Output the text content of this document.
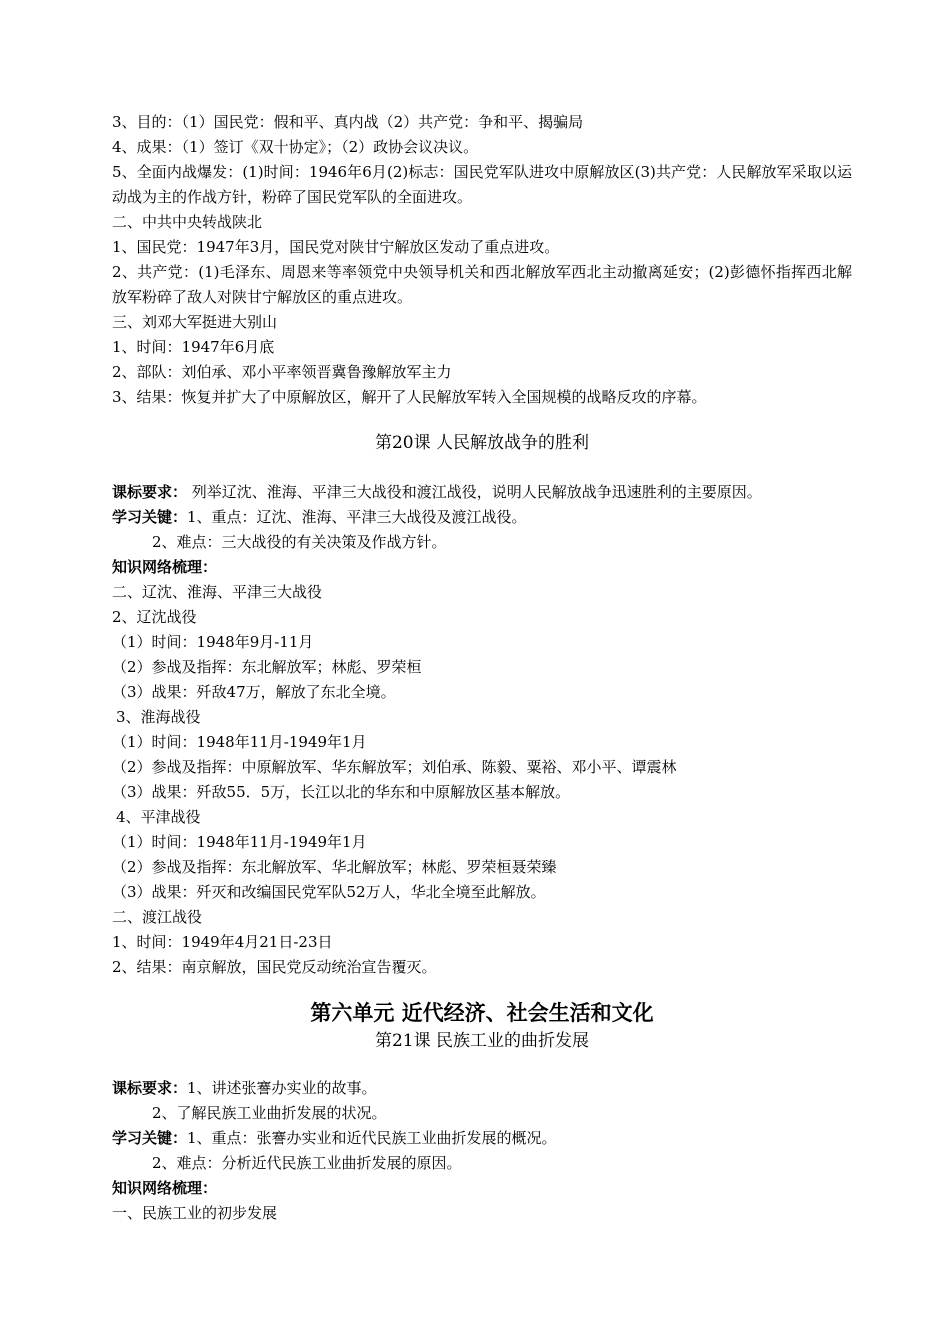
3、目的：（1）国民党：假和平、真内战（2）共产党：争和平、揭骗局
4、成果：（1）签订《双十协定》；（2）政协会议决议。
5、全面内战爆发：(1)时间：1946年6月(2)标志：国民党军队进攻中原解放区(3)共产党：人民解放军采取以运动战为主的作战方针，粉碎了国民党军队的全面进攻。
二、中共中央转战陕北
1、国民党：1947年3月，国民党对陕甘宁解放区发动了重点进攻。
2、共产党：(1)毛泽东、周恩来等率领党中央领导机关和西北解放军西北主动撤离延安；(2)彭德怀指挥西北解放军粉碎了敌人对陕甘宁解放区的重点进攻。
三、刘邓大军挺进大别山
1、时间：1947年6月底
2、部队：刘伯承、邓小平率领晋冀鲁豫解放军主力
3、结果：恢复并扩大了中原解放区，解开了人民解放军转入全国规模的战略反攻的序幕。
第20课 人民解放战争的胜利
课标要求： 列举辽沈、淮海、平津三大战役和渡江战役，说明人民解放战争迅速胜利的主要原因。
学习关键：1、重点：辽沈、淮海、平津三大战役及渡江战役。
2、难点：三大战役的有关决策及作战方针。
知识网络梳理：
二、辽沈、淮海、平津三大战役
2、辽沈战役
（1）时间：1948年9月-11月
（2）参战及指挥：东北解放军；林彪、罗荣桓
（3）战果：歼敌47万，解放了东北全境。
3、淮海战役
（1）时间：1948年11月-1949年1月
（2）参战及指挥：中原解放军、华东解放军；刘伯承、陈毅、粟裕、邓小平、谭震林
（3）战果：歼敌55．5万，长江以北的华东和中原解放区基本解放。
4、平津战役
（1）时间：1948年11月-1949年1月
（2）参战及指挥：东北解放军、华北解放军；林彪、罗荣桓聂荣臻
（3）战果：歼灭和改编国民党军队52万人，华北全境至此解放。
二、渡江战役
1、时间：1949年4月21日-23日
2、结果：南京解放，国民党反动统治宣告覆灭。
第六单元 近代经济、社会生活和文化
第21课 民族工业的曲折发展
课标要求：1、讲述张謇办实业的故事。
2、了解民族工业曲折发展的状况。
学习关键：1、重点：张謇办实业和近代民族工业曲折发展的概况。
2、难点：分析近代民族工业曲折发展的原因。
知识网络梳理：
一、民族工业的初步发展
